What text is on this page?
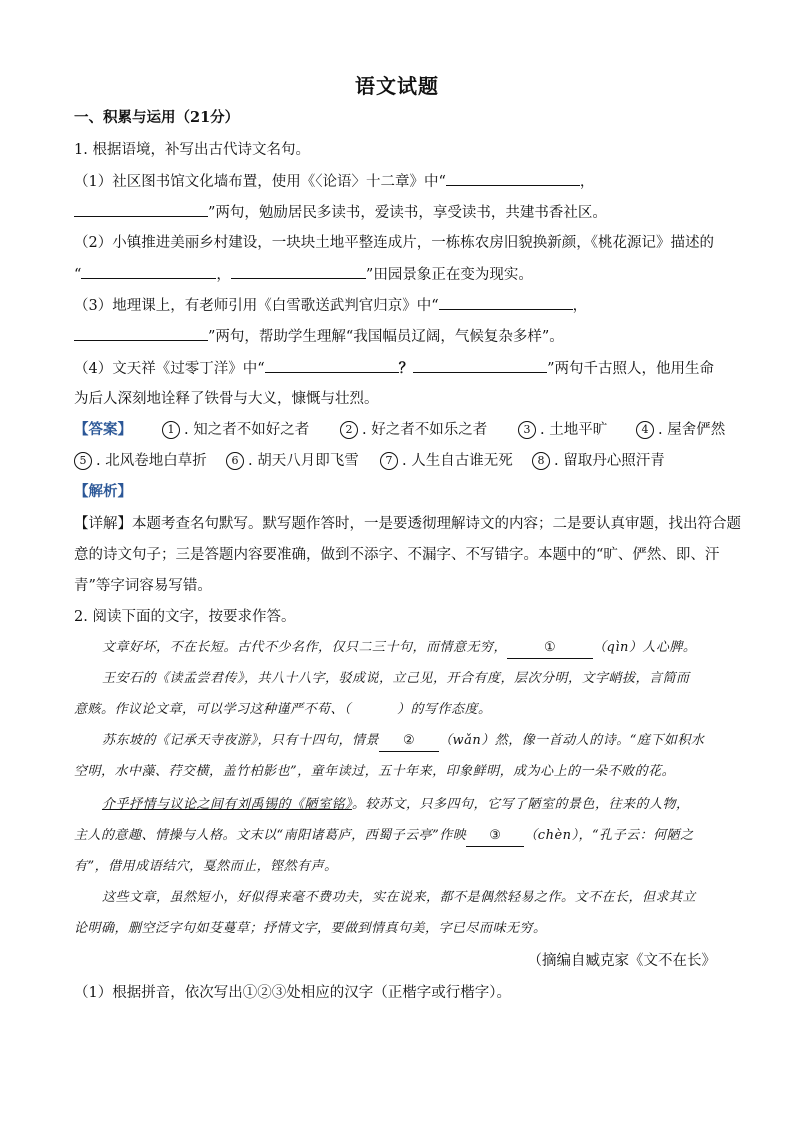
语文试题
一、积累与运用（21分）
1. 根据语境，补写出古代诗文名句。
（1）社区图书馆文化墙布置，使用《〈论语〉十二章》中“	，
”两句，勉励居民多读书，爱读书，享受读书，共建书香社区。
（2）小镇推进美丽乡村建设，一块块土地平整连成片，一栋栋农房旧貌换新颜，《桃花源记》描述的
“	，	”田园景象正在变为现实。
（3）地理课上，有老师引用《白雪歌送武判官归京》中“	，
”两句，帮助学生理解“我国幅员辽阔，气候复杂多样”。
（4）文天祥《过零丁洋》中“	？	”两句千古照人，他用生命
为后人深刻地诠释了铁骨与大义，慷慨与壮烈。
【答案】	1 . 知之者不如好之者	2 . 好之者不如乐之者	3 . 土地平旷	4 . 屋舍俨然
5 . 北风卷地白草折	6 . 胡天八月即飞雪	7 . 人生自古谁无死	8 . 留取丹心照汗青
【解析】
【详解】本题考查名句默写。默写题作答时，一是要透彻理解诗文的内容；二是要认真审题，找出符合题
意的诗文句子；三是答题内容要准确，做到不添字、不漏字、不写错字。本题中的“旷、俨然、即、汗
青”等字词容易写错。
2. 阅读下面的文字，按要求作答。
文章好坏，不在长短。古代不少名作，仅只二三十句，而情意无穷，	①	（qìn）人心脾。
王安石的《读孟尝君传》，共八十八字，驳成说，立己见，开合有度，层次分明，文字峭拔，言简而
意赅。作议论文章，可以学习这种谨严不苟、（	）的写作态度。
苏东坡的《记承天寺夜游》，只有十四句，情景 ② （wǎn）然，像一首动人的诗。“庭下如积水
空明，水中藻、荇交横，盖竹柏影也”，童年读过，五十年来，印象鲜明，成为心上的一朵不败的花。
介乎抒情与议论之间有刘禹锡的《陋室铭》。较苏文，只多四句，它写了陋室的景色，往来的人物，
主人的意趣、情操与人格。文末以“南阳诸葛庐，西蜀子云亭”作映 ③ （chèn），“孔子云：何陋之
有”，借用成语结穴，戛然而止，铿然有声。
这些文章，虽然短小，好似得来毫不费功夫，实在说来，都不是偶然轻易之作。文不在长，但求其立
论明确，删空泛字句如芟蔓草；抒情文字，要做到情真句美，字已尽而味无穷。
（摘编自臧克家《文不在长》
（1）根据拼音，依次写出①②③处相应的汉字（正楷字或行楷字）。
